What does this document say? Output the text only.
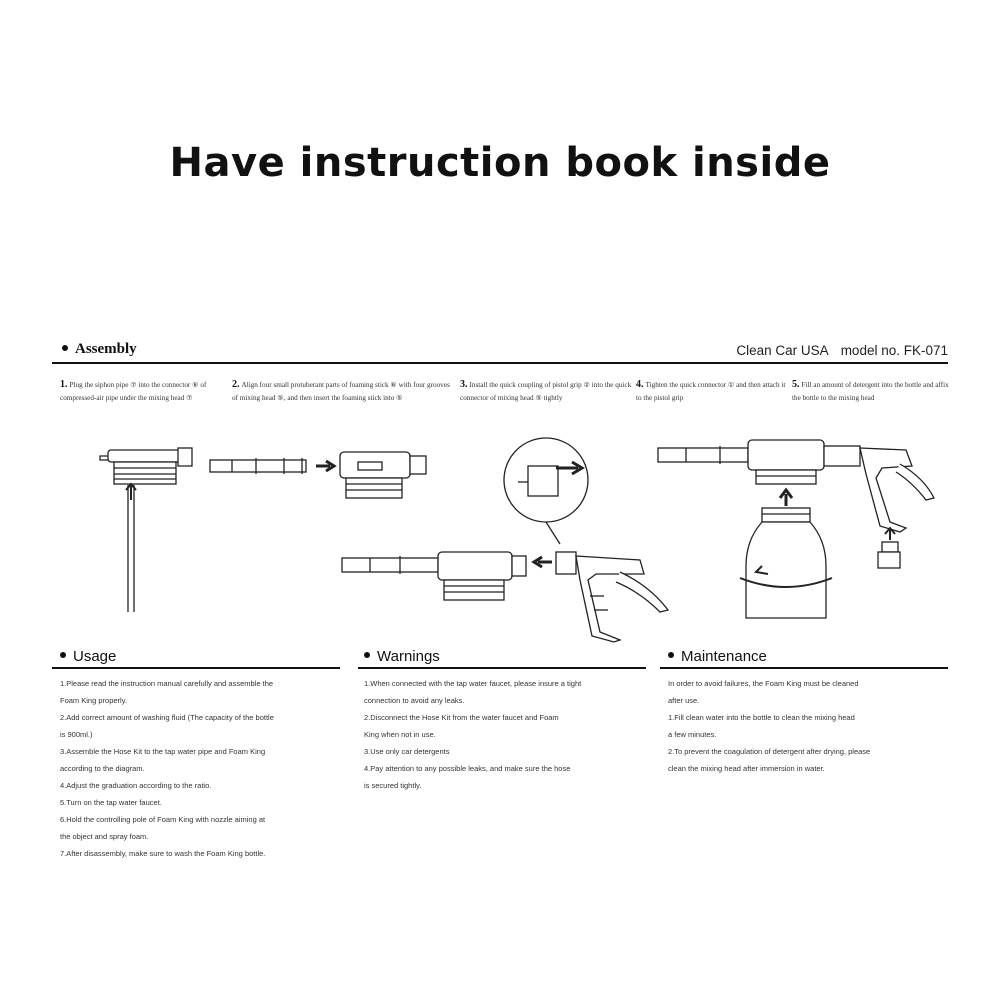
Have instruction book inside
Assembly	Clean Car USA model no. FK-071
1. Plug the siphon pipe ⑦ into the connector ⑥ of compressed-air pipe under the mixing head ⑦
2. Align four small protuberant parts of foaming stick ⑥ with four grooves of mixing head ⑤, and then insert the foaming stick into ⑤
3. Install the quick coupling of pistol grip ② into the quick connector of mixing head ⑤ tightly
4. Tighten the quick connector ① and then attach it to the pistol grip
5. Fill an amount of detergent into the bottle and affix the bottle to the mixing head
Usage
1.Please read the instruction manual carefully and assemble the
Foam King properly.
2.Add correct amount of washing fluid (The capacity of the bottle
is 900ml.)
3.Assemble the Hose Kit to the tap water pipe and Foam King
according to the diagram.
4.Adjust the graduation according to the ratio.
5.Turn on the tap water faucet.
6.Hold the controlling pole of Foam King with nozzle aiming at
the object and spray foam.
7.After disassembly, make sure to wash the Foam King bottle.
Warnings
1.When connected with the tap water faucet, please insure a tight
connection to avoid any leaks.
2.Disconnect the Hose Kit from the water faucet and Foam
King when not in use.
3.Use only car detergents
4.Pay attention to any possible leaks, and make sure the hose
is secured tightly.
Maintenance
In order to avoid failures, the Foam King must be cleaned
after use.
1.Fill clean water into the bottle to clean the mixing head
a few minutes.
2.To prevent the coagulation of detergent after drying, please
clean the mixing head after immersion in water.
